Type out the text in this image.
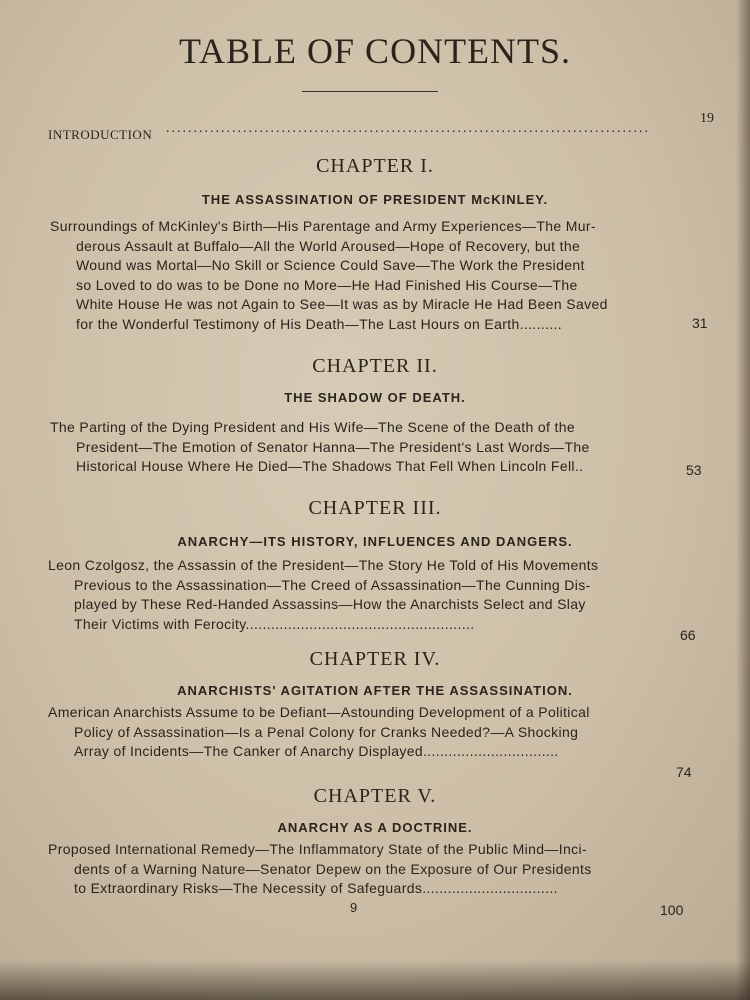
TABLE OF CONTENTS.
INTRODUCTION ........................................................................................
19
CHAPTER I.
THE ASSASSINATION OF PRESIDENT McKINLEY.

Surroundings of McKinley's Birth—His Parentage and Army Experiences—The Mur-

derous Assault at Buffalo—All the World Aroused—Hope of Recovery, but the

Wound was Mortal—No Skill or Science Could Save—The Work the President

so Loved to do was to be Done no More—He Had Finished His Course—The

White House He was not Again to See—It was as by Miracle He Had Been Saved

for the Wonderful Testimony of His Death—The Last Hours on Earth..........	31
CHAPTER II.
THE SHADOW OF DEATH.

The Parting of the Dying President and His Wife—The Scene of the Death of the

President—The Emotion of Senator Hanna—The President's Last Words—The

Historical House Where He Died—The Shadows That Fell When Lincoln Fell..	53
CHAPTER III.
ANARCHY—ITS HISTORY, INFLUENCES AND DANGERS.

Leon Czolgosz, the Assassin of the President—The Story He Told of His Movements

Previous to the Assassination—The Creed of Assassination—The Cunning Dis-

played by These Red-Handed Assassins—How the Anarchists Select and Slay

Their Victims with Ferocity......................................................

66
CHAPTER IV.
ANARCHISTS' AGITATION AFTER THE ASSASSINATION.

American Anarchists Assume to be Defiant—Astounding Development of a Political

Policy of Assassination—Is a Penal Colony for Cranks Needed?—A Shocking

Array of Incidents—The Canker of Anarchy Displayed................................

74
CHAPTER V.
ANARCHY AS A DOCTRINE.

Proposed International Remedy—The Inflammatory State of the Public Mind—Inci-

dents of a Warning Nature—Senator Depew on the Exposure of Our Presidents

to Extraordinary Risks—The Necessity of Safeguards................................

100
9
